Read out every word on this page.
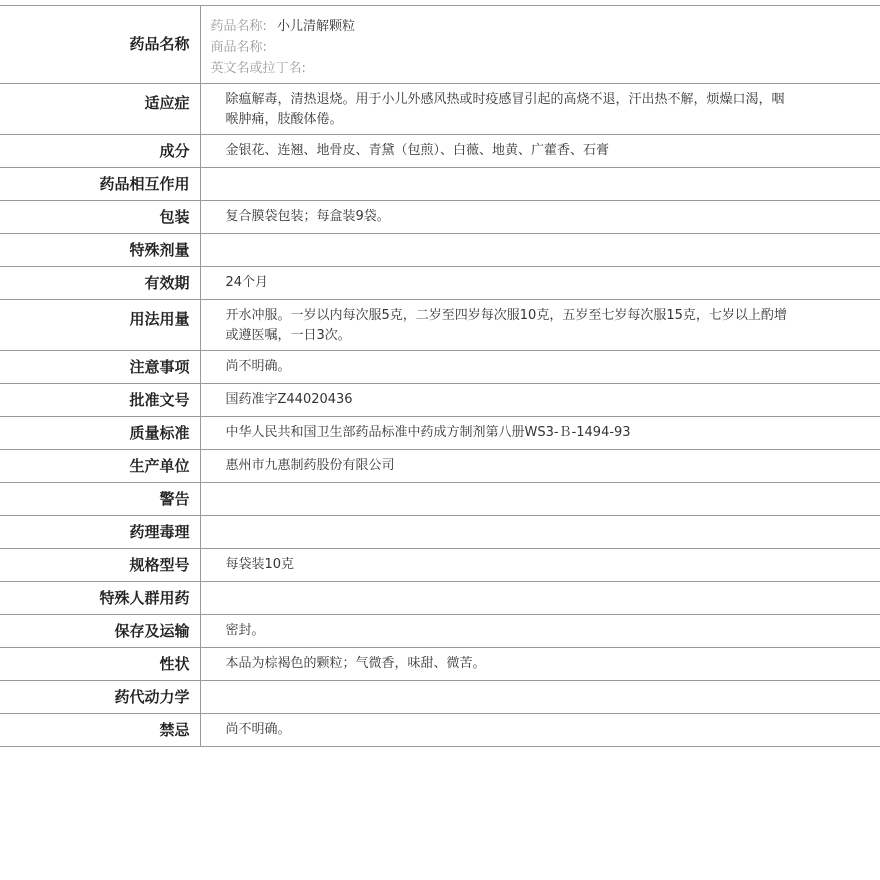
药品名称	药品名称: 小儿清解颗粒
商品名称:
英文名或拉丁名:

适应症	除瘟解毒，清热退烧。用于小儿外感风热或时疫感冒引起的高烧不退，汗出热不解，烦燥口渴，咽喉肿痛，肢酸体倦。
成分	金银花、连翘、地骨皮、青黛（包煎）、白薇、地黄、广藿香、石膏
药品相互作用	
包装	复合膜袋包装；每盒装9袋。
特殊剂量	
有效期	24个月
用法用量	开水冲服。一岁以内每次服5克，二岁至四岁每次服10克，五岁至七岁每次服15克，七岁以上酌增或遵医嘱，一日3次。
注意事项	尚不明确。
批准文号	国药准字Z44020436
质量标准	中华人民共和国卫生部药品标准中药成方制剂第八册WS3-Ｂ-1494-93
生产单位	惠州市九惠制药股份有限公司
警告	
药理毒理	
规格型号	每袋装10克
特殊人群用药	
保存及运输	密封。
性状	本品为棕褐色的颗粒；气微香，味甜、微苦。
药代动力学	
禁忌	尚不明确。
